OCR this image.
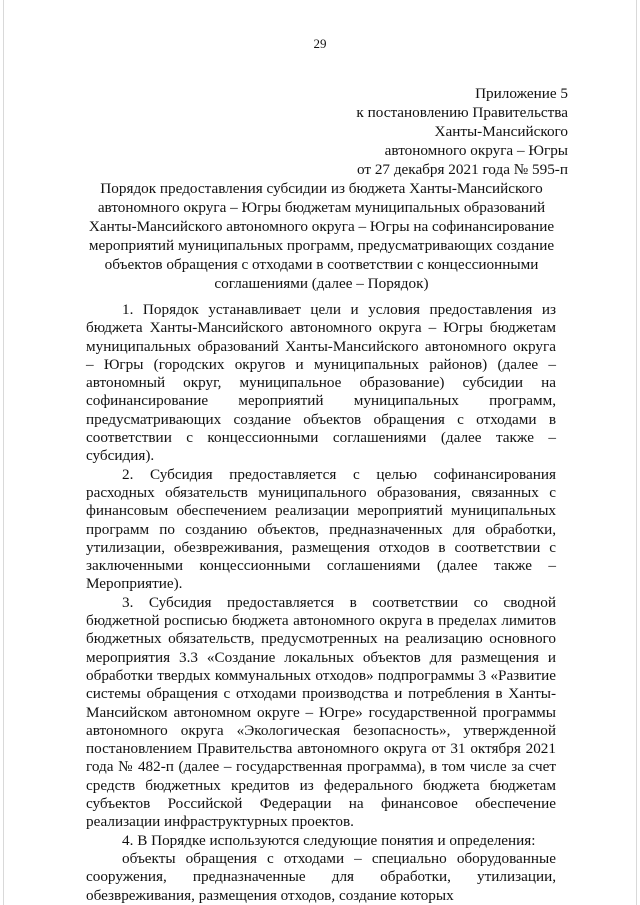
29
Приложение 5
к постановлению Правительства
Ханты-Мансийского
автономного округа – Югры
от 27 декабря 2021 года № 595-п
Порядок предоставления субсидии из бюджета Ханты-Мансийского
автономного округа – Югры бюджетам муниципальных образований
Ханты-Мансийского автономного округа – Югры на софинансирование
мероприятий муниципальных программ, предусматривающих создание
объектов обращения с отходами в соответствии с концессионными
соглашениями (далее – Порядок)

1. Порядок устанавливает цели и условия предоставления из бюджета Ханты-Мансийского автономного округа – Югры бюджетам муниципальных образований Ханты-Мансийского автономного округа – Югры (городских округов и муниципальных районов) (далее – автономный округ, муниципальное образование) субсидии на софинансирование мероприятий муниципальных программ, предусматривающих создание объектов обращения с отходами в соответствии с концессионными соглашениями (далее также – субсидия).

2. Субсидия предоставляется с целью софинансирования расходных обязательств муниципального образования, связанных с финансовым обеспечением реализации мероприятий муниципальных программ по созданию объектов, предназначенных для обработки, утилизации, обезвреживания, размещения отходов в соответствии с заключенными концессионными соглашениями (далее также – Мероприятие).

3. Субсидия предоставляется в соответствии со сводной бюджетной росписью бюджета автономного округа в пределах лимитов бюджетных обязательств, предусмотренных на реализацию основного мероприятия 3.3 «Создание локальных объектов для размещения и обработки твердых коммунальных отходов» подпрограммы 3 «Развитие системы обращения с отходами производства и потребления в Ханты-Мансийском автономном округе – Югре» государственной программы автономного округа «Экологическая безопасность», утвержденной постановлением Правительства автономного округа от 31 октября 2021 года № 482-п (далее – государственная программа), в том числе за счет средств бюджетных кредитов из федерального бюджета бюджетам субъектов Российской Федерации на финансовое обеспечение реализации инфраструктурных проектов.

4. В Порядке используются следующие понятия и определения:

объекты обращения с отходами – специально оборудованные сооружения, предназначенные для обработки, утилизации, обезвреживания, размещения отходов, создание которых
